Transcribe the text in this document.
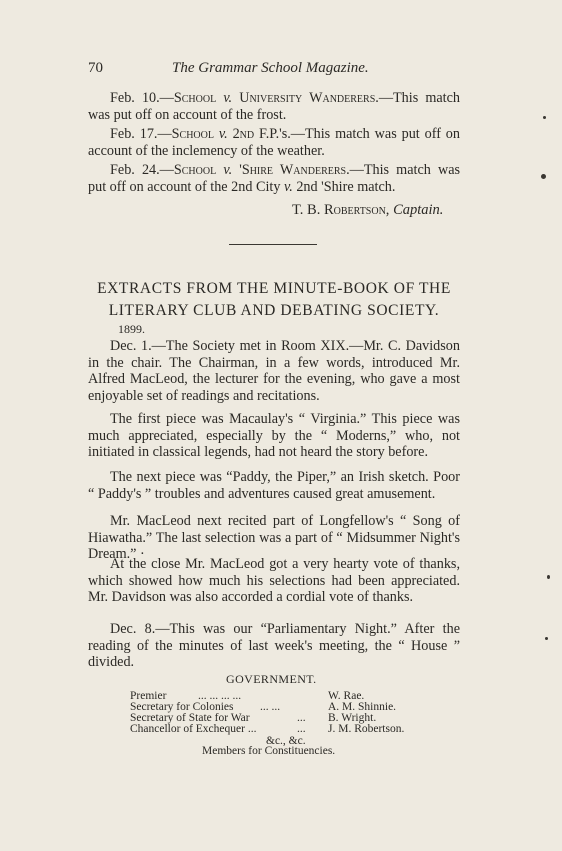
70	The Grammar School Magazine.
Feb. 10.—School v. University Wanderers.—This match was put off on account of the frost.
Feb. 17.—School v. 2nd F.P.'s.—This match was put off on account of the inclemency of the weather.
Feb. 24.—School v. 'Shire Wanderers.—This match was put off on account of the 2nd City v. 2nd 'Shire match.
T. B. Robertson, Captain.
EXTRACTS FROM THE MINUTE-BOOK OF THE
LITERARY CLUB AND DEBATING SOCIETY.
1899.
Dec. 1.—The Society met in Room XIX.—Mr. C. Davidson in the chair. The Chairman, in a few words, introduced Mr. Alfred MacLeod, the lecturer for the evening, who gave a most enjoyable set of readings and recitations.
The first piece was Macaulay's “ Virginia.” This piece was much appreciated, especially by the “ Moderns,” who, not initiated in classical legends, had not heard the story before.
The next piece was “Paddy, the Piper,” an Irish sketch. Poor “ Paddy's ” troubles and adventures caused great amusement.
Mr. MacLeod next recited part of Longfellow's “ Song of Hiawatha.” The last selection was a part of “ Midsummer Night's Dream.” ·
At the close Mr. MacLeod got a very hearty vote of thanks, which showed how much his selections had been appreciated. Mr. Davidson was also accorded a cordial vote of thanks.
Dec. 8.—This was our “Parliamentary Night.” After the reading of the minutes of last week's meeting, the “ House ” divided.
GOVERNMENT.
Premier	... ... ... ...	W. Rae.
Secretary for Colonies ... ...	A. M. Shinnie.
Secretary of State for War	... B. Wright.
Chancellor of Exchequer ...	... J. M. Robertson.
&c., &c.
Members for Constituencies.
